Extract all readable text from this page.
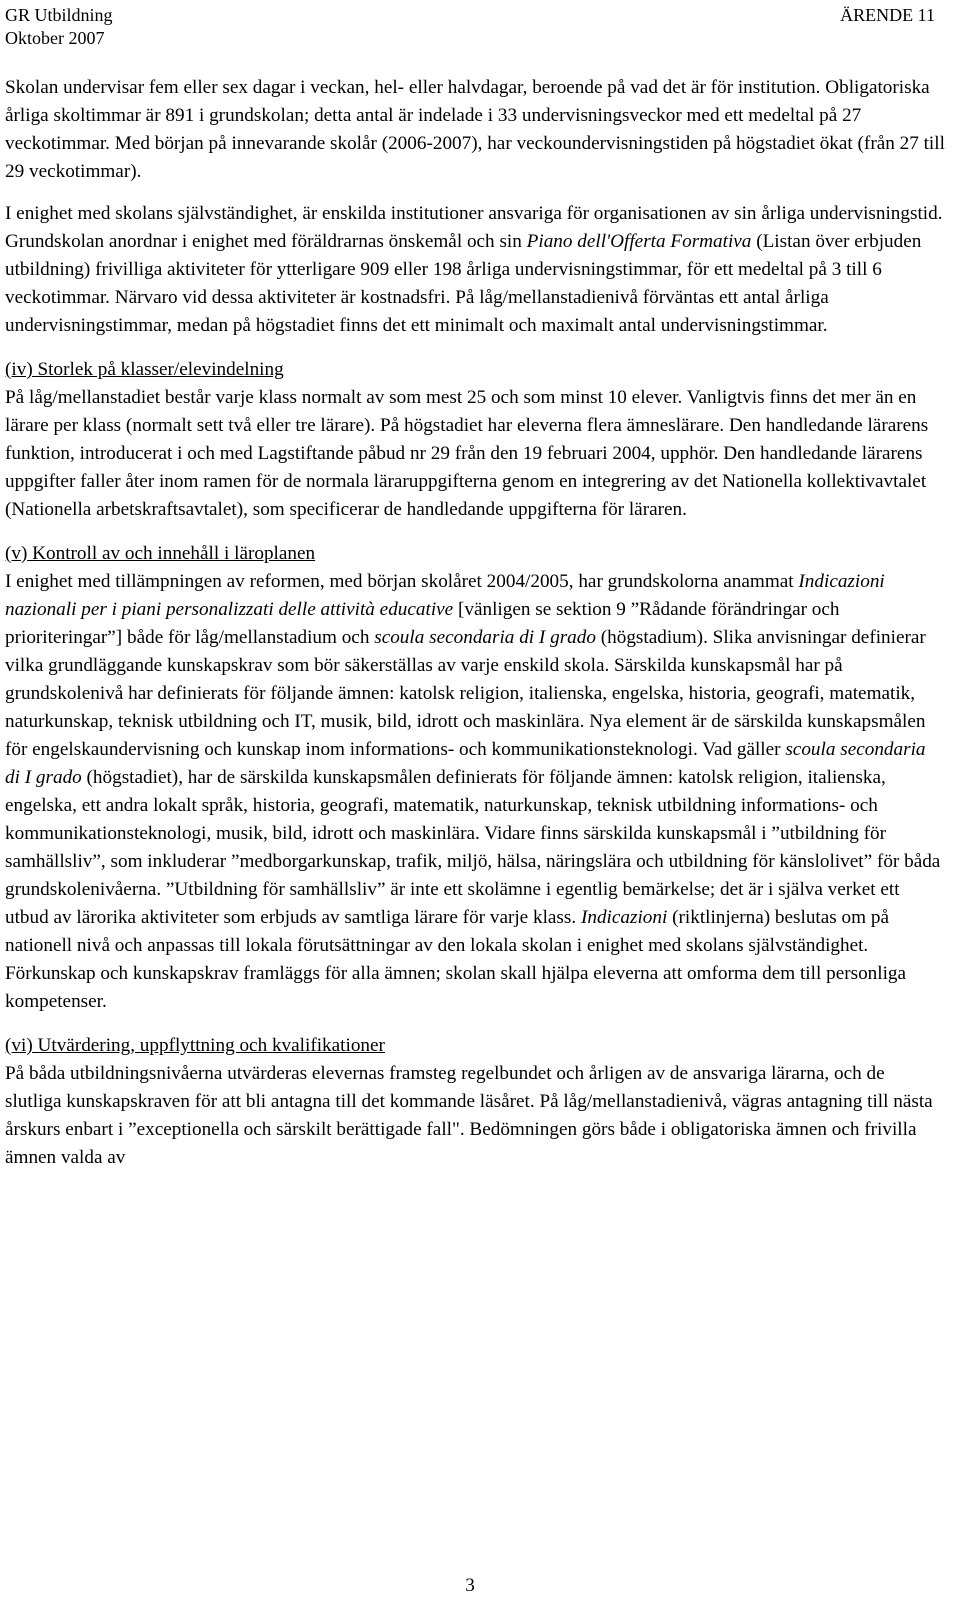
GR Utbildning	ÄRENDE 11
Oktober 2007

Skolan undervisar fem eller sex dagar i veckan, hel- eller halvdagar, beroende på vad det är för institution. Obligatoriska årliga skoltimmar är 891 i grundskolan; detta antal är indelade i 33 undervisningsveckor med ett medeltal på 27 veckotimmar. Med början på innevarande skolår (2006-2007), har veckoundervisningstiden på högstadiet ökat (från 27 till 29 veckotimmar).

I enighet med skolans självständighet, är enskilda institutioner ansvariga för organisationen av sin årliga undervisningstid. Grundskolan anordnar i enighet med föräldrarnas önskemål och sin Piano dell'Offerta Formativa (Listan över erbjuden utbildning) frivilliga aktiviteter för ytterligare 909 eller 198 årliga undervisningstimmar, för ett medeltal på 3 till 6 veckotimmar. Närvaro vid dessa aktiviteter är kostnadsfri. På låg/mellanstadienivå förväntas ett antal årliga undervisningstimmar, medan på högstadiet finns det ett minimalt och maximalt antal undervisningstimmar.

(iv) Storlek på klasser/elevindelning

På låg/mellanstadiet består varje klass normalt av som mest 25 och som minst 10 elever. Vanligtvis finns det mer än en lärare per klass (normalt sett två eller tre lärare). På högstadiet har eleverna flera ämneslärare. Den handledande lärarens funktion, introducerat i och med Lagstiftande påbud nr 29 från den 19 februari 2004, upphör. Den handledande lärarens uppgifter faller åter inom ramen för de normala läraruppgifterna genom en integrering av det Nationella kollektivavtalet (Nationella arbetskraftsavtalet), som specificerar de handledande uppgifterna för läraren.

(v) Kontroll av och innehåll i läroplanen

I enighet med tillämpningen av reformen, med början skolåret 2004/2005, har grundskolorna anammat Indicazioni nazionali per i piani personalizzati delle attività educative [vänligen se sektion 9 ”Rådande förändringar och prioriteringar”] både för låg/mellanstadium och scoula secondaria di I grado (högstadium). Slika anvisningar definierar vilka grundläggande kunskapskrav som bör säkerställas av varje enskild skola. Särskilda kunskapsmål har på grundskolenivå har definierats för följande ämnen: katolsk religion, italienska, engelska, historia, geografi, matematik, naturkunskap, teknisk utbildning och IT, musik, bild, idrott och maskinlära. Nya element är de särskilda kunskapsmålen för engelskaundervisning och kunskap inom informations- och kommunikationsteknologi. Vad gäller scoula secondaria di I grado (högstadiet), har de särskilda kunskapsmålen definierats för följande ämnen: katolsk religion, italienska, engelska, ett andra lokalt språk, historia, geografi, matematik, naturkunskap, teknisk utbildning informations- och kommunikationsteknologi, musik, bild, idrott och maskinlära. Vidare finns särskilda kunskapsmål i ”utbildning för samhällsliv”, som inkluderar ”medborgarkunskap, trafik, miljö, hälsa, näringslära och utbildning för känslolivet” för båda grundskolenivåerna. ”Utbildning för samhällsliv” är inte ett skolämne i egentlig bemärkelse; det är i själva verket ett utbud av lärorika aktiviteter som erbjuds av samtliga lärare för varje klass. Indicazioni (riktlinjerna) beslutas om på nationell nivå och anpassas till lokala förutsättningar av den lokala skolan i enighet med skolans självständighet. Förkunskap och kunskapskrav framläggs för alla ämnen; skolan skall hjälpa eleverna att omforma dem till personliga kompetenser.

(vi) Utvärdering, uppflyttning och kvalifikationer

På båda utbildningsnivåerna utvärderas elevernas framsteg regelbundet och årligen av de ansvariga lärarna, och de slutliga kunskapskraven för att bli antagna till det kommande läsåret. På låg/mellanstadienivå, vägras antagning till nästa årskurs enbart i ”exceptionella och särskilt berättigade fall". Bedömningen görs både i obligatoriska ämnen och frivilla ämnen valda av

3
